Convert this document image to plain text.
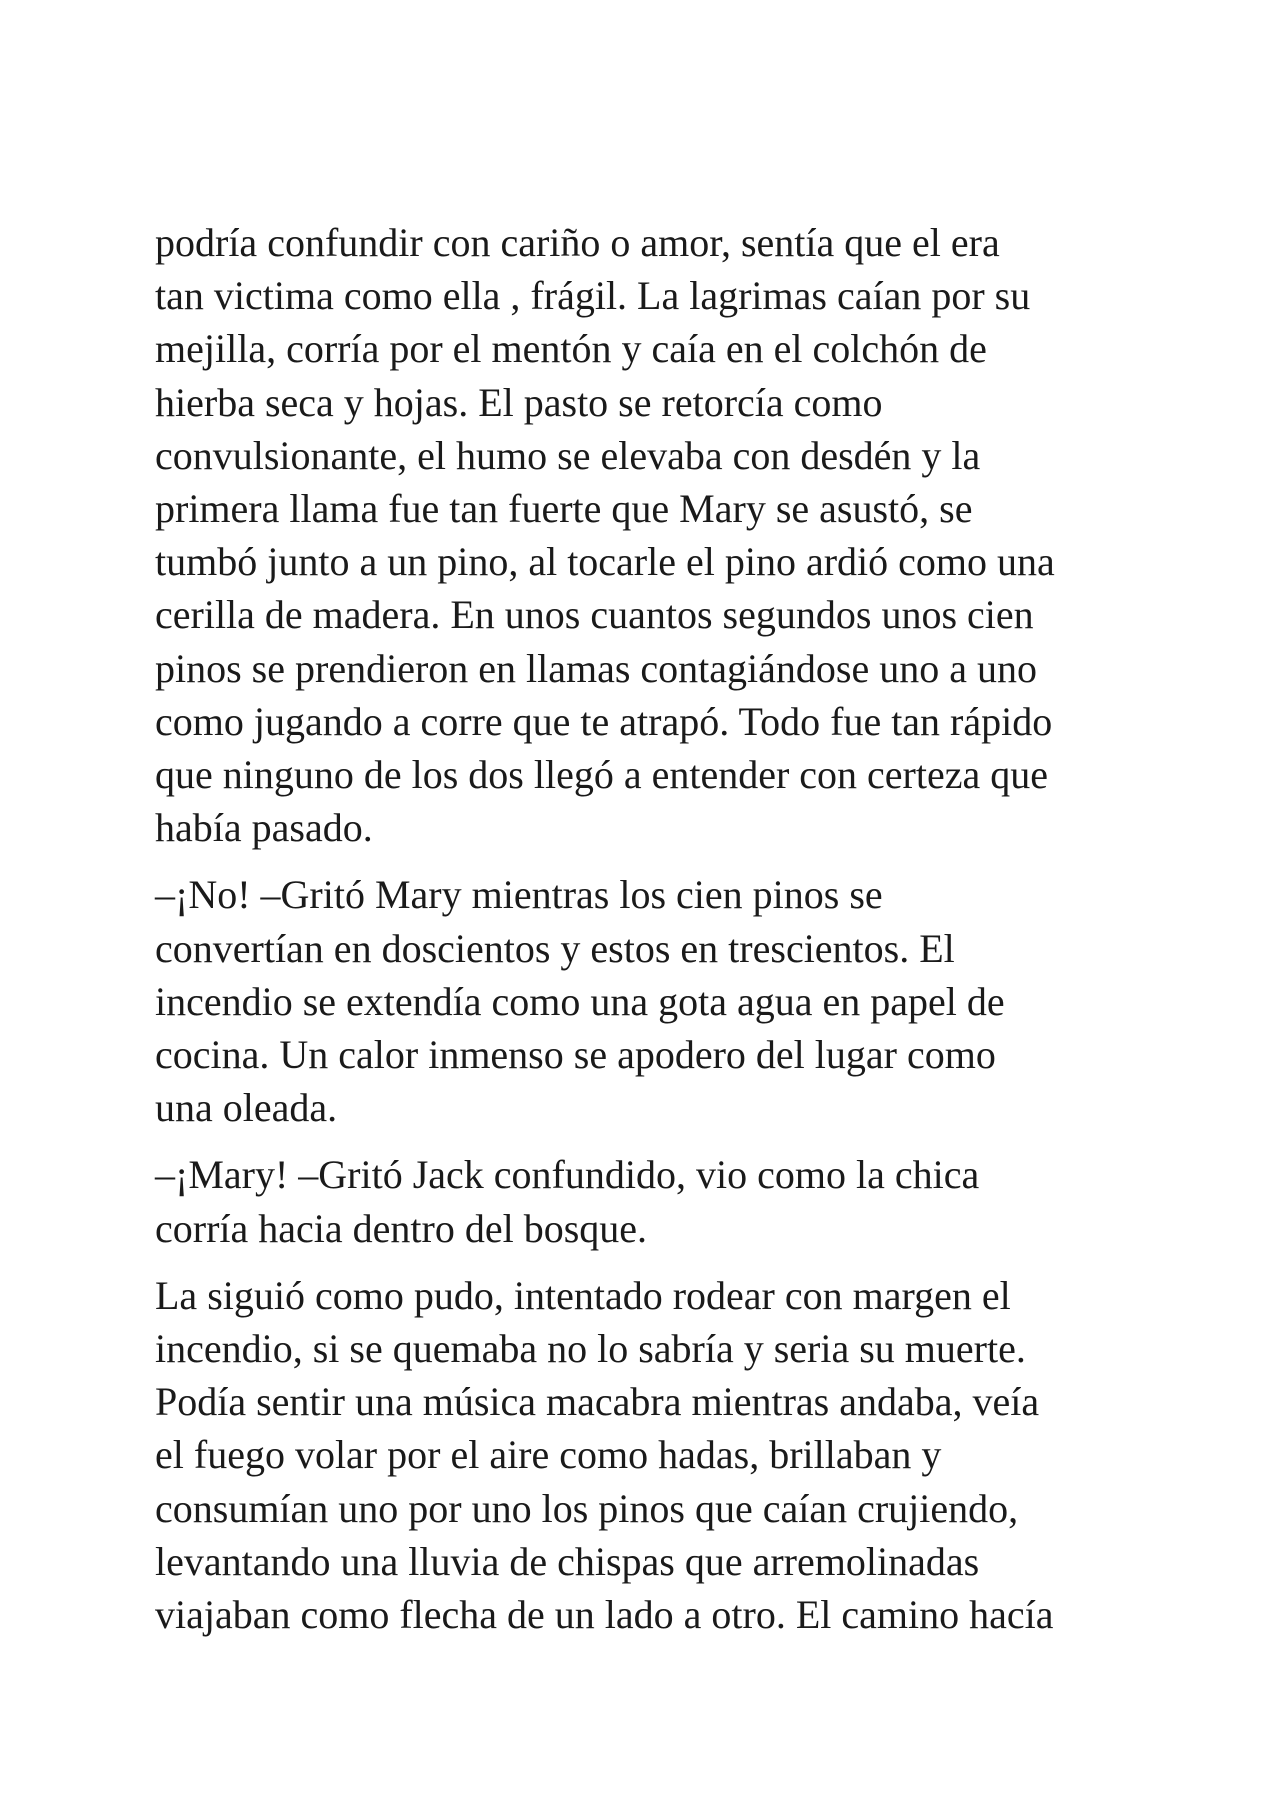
podría confundir con cariño o amor, sentía que el era
tan victima como ella , frágil. La lagrimas caían por su
mejilla, corría por el mentón y caía en el colchón de
hierba seca y hojas. El pasto se retorcía como
convulsionante, el humo se elevaba con desdén y la
primera llama fue tan fuerte que Mary se asustó, se
tumbó junto a un pino, al tocarle el pino ardió como una
cerilla de madera. En unos cuantos segundos unos cien
pinos se prendieron en llamas contagiándose uno a uno
como jugando a corre que te atrapó. Todo fue tan rápido
que ninguno de los dos llegó a entender con certeza que
había pasado.

–¡No! –Gritó Mary mientras los cien pinos se
convertían en doscientos y estos en trescientos. El
incendio se extendía como una gota agua en papel de
cocina. Un calor inmenso se apodero del lugar como
una oleada.

–¡Mary! –Gritó Jack confundido, vio como la chica
corría hacia dentro del bosque.

La siguió como pudo, intentado rodear con margen el
incendio, si se quemaba no lo sabría y seria su muerte.
Podía sentir una música macabra mientras andaba, veía
el fuego volar por el aire como hadas, brillaban y
consumían uno por uno los pinos que caían crujiendo,
levantando una lluvia de chispas que arremolinadas
viajaban como flecha de un lado a otro. El camino hacía
